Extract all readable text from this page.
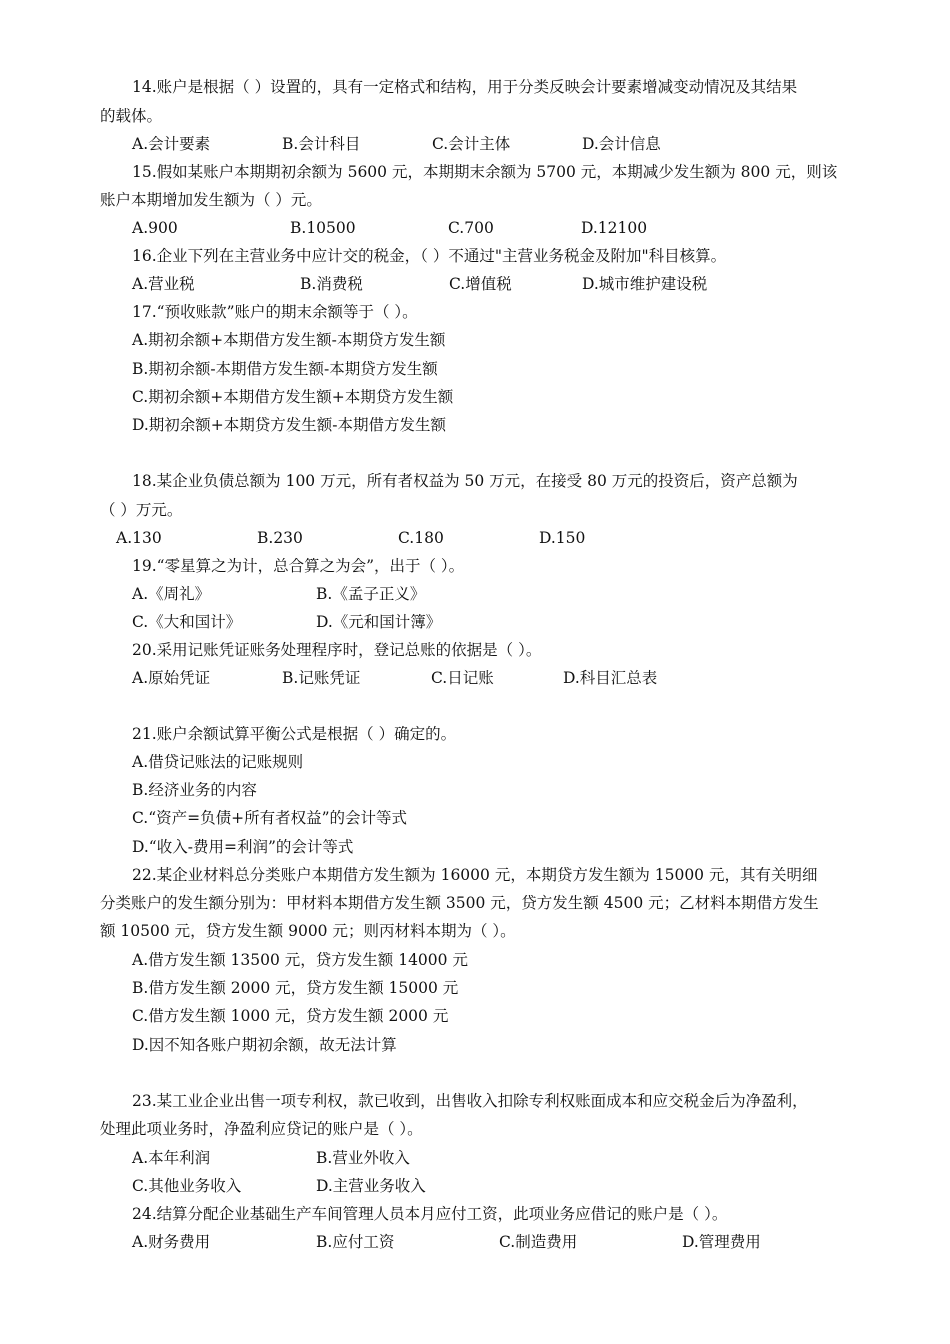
14.账户是根据（ ）设置的，具有一定格式和结构，用于分类反映会计要素增减变动情况及其结果
的载体。
A.会计要素	B.会计科目	C.会计主体	D.会计信息
15.假如某账户本期期初余额为 5600 元，本期期末余额为 5700 元，本期减少发生额为 800 元，则该
账户本期增加发生额为（ ）元。
A.900	B.10500	C.700	D.12100
16.企业下列在主营业务中应计交的税金，（ ）不通过"主营业务税金及附加"科目核算。
A.营业税	B.消费税	C.增值税	D.城市维护建设税
17.“预收账款”账户的期末余额等于（ ）。
A.期初余额+本期借方发生额-本期贷方发生额
B.期初余额-本期借方发生额-本期贷方发生额
C.期初余额+本期借方发生额+本期贷方发生额
D.期初余额+本期贷方发生额-本期借方发生额
18.某企业负债总额为 100 万元，所有者权益为 50 万元，在接受 80 万元的投资后，资产总额为
（ ）万元。
A.130	B.230	C.180	D.150
19.“零星算之为计，总合算之为会”，出于（ ）。
A.《周礼》	B.《孟子正义》
C.《大和国计》	D.《元和国计簿》
20.采用记账凭证账务处理程序时，登记总账的依据是（ ）。
A.原始凭证	B.记账凭证	C.日记账	D.科目汇总表
21.账户余额试算平衡公式是根据（ ）确定的。
A.借贷记账法的记账规则
B.经济业务的内容
C.“资产=负债+所有者权益”的会计等式
D.“收入-费用=利润”的会计等式
22.某企业材料总分类账户本期借方发生额为 16000 元，本期贷方发生额为 15000 元，其有关明细
分类账户的发生额分别为：甲材料本期借方发生额 3500 元，贷方发生额 4500 元；乙材料本期借方发生
额 10500 元，贷方发生额 9000 元；则丙材料本期为（ ）。
A.借方发生额 13500 元，贷方发生额 14000 元
B.借方发生额 2000 元，贷方发生额 15000 元
C.借方发生额 1000 元，贷方发生额 2000 元
D.因不知各账户期初余额，故无法计算
23.某工业企业出售一项专利权，款已收到，出售收入扣除专利权账面成本和应交税金后为净盈利，
处理此项业务时，净盈利应贷记的账户是（ ）。
A.本年利润	B.营业外收入
C.其他业务收入	D.主营业务收入
24.结算分配企业基础生产车间管理人员本月应付工资，此项业务应借记的账户是（ ）。
A.财务费用	B.应付工资	C.制造费用	D.管理费用
